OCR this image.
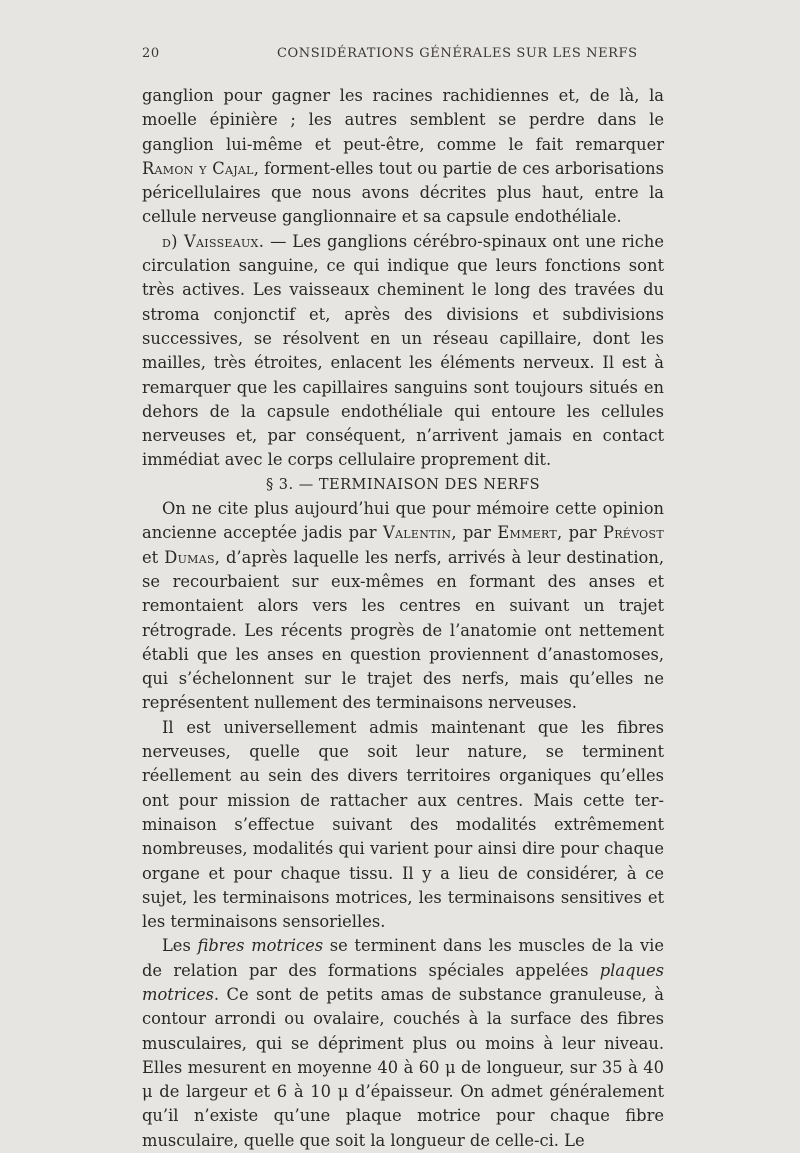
20	CONSIDÉRATIONS GÉNÉRALES SUR LES NERFS

ganglion pour gagner les racines rachidiennes et, de là, la moelle épinière ; les autres semblent se perdre dans le ganglion lui-même et peut-être, comme le fait remarquer Ramon y Cajal, forment-elles tout ou partie de ces arborisations péricellulaires que nous avons décrites plus haut, entre la cellule nerveuse ganglionnaire et sa capsule endothéliale.

d) Vaisseaux. — Les ganglions cérébro-spinaux ont une riche circulation sanguine, ce qui indique que leurs fonctions sont très actives. Les vaisseaux cheminent le long des travées du stroma conjonctif et, après des divisions et subdivisions successives, se résolvent en un réseau capillaire, dont les mailles, très étroites, enlacent les éléments nerveux. Il est à remarquer que les capillaires sanguins sont toujours situés en dehors de la capsule endothéliale qui entoure les cellules nerveuses et, par conséquent, n’arrivent jamais en contact immédiat avec le corps cellulaire proprement dit.

§ 3. — TERMINAISON DES NERFS

On ne cite plus aujourd’hui que pour mémoire cette opinion ancienne acceptée jadis par Valentin, par Emmert, par Prévost et Dumas, d’après laquelle les nerfs, arrivés à leur destination, se recourbaient sur eux-mêmes en formant des anses et remontaient alors vers les centres en suivant un trajet rétrograde. Les récents progrès de l’anatomie ont nettement établi que les anses en question proviennent d’anastomoses, qui s’échelonnent sur le trajet des nerfs, mais qu’elles ne représentent nullement des terminaisons nerveuses.

Il est universellement admis maintenant que les fibres nerveuses, quelle que soit leur nature, se terminent réellement au sein des divers territoires organiques qu’elles ont pour mission de rattacher aux centres. Mais cette terminaison s’effectue suivant des modalités extrêmement nombreuses, modalités qui varient pour ainsi dire pour chaque organe et pour chaque tissu. Il y a lieu de considérer, à ce sujet, les terminaisons motrices, les terminaisons sensitives et les terminaisons sensorielles.

Les fibres motrices se terminent dans les muscles de la vie de relation par des formations spéciales appelées plaques motrices. Ce sont de petits amas de substance granuleuse, à contour arrondi ou ovalaire, couchés à la surface des fibres musculaires, qui se dépriment plus ou moins à leur niveau. Elles mesurent en moyenne 40 à 60 μ de longueur, sur 35 à 40 μ de largeur et 6 à 10 μ d’épaisseur. On admet généralement qu’il n’existe qu’une plaque motrice pour chaque fibre musculaire, quelle que soit la longueur de celle-ci. Le
